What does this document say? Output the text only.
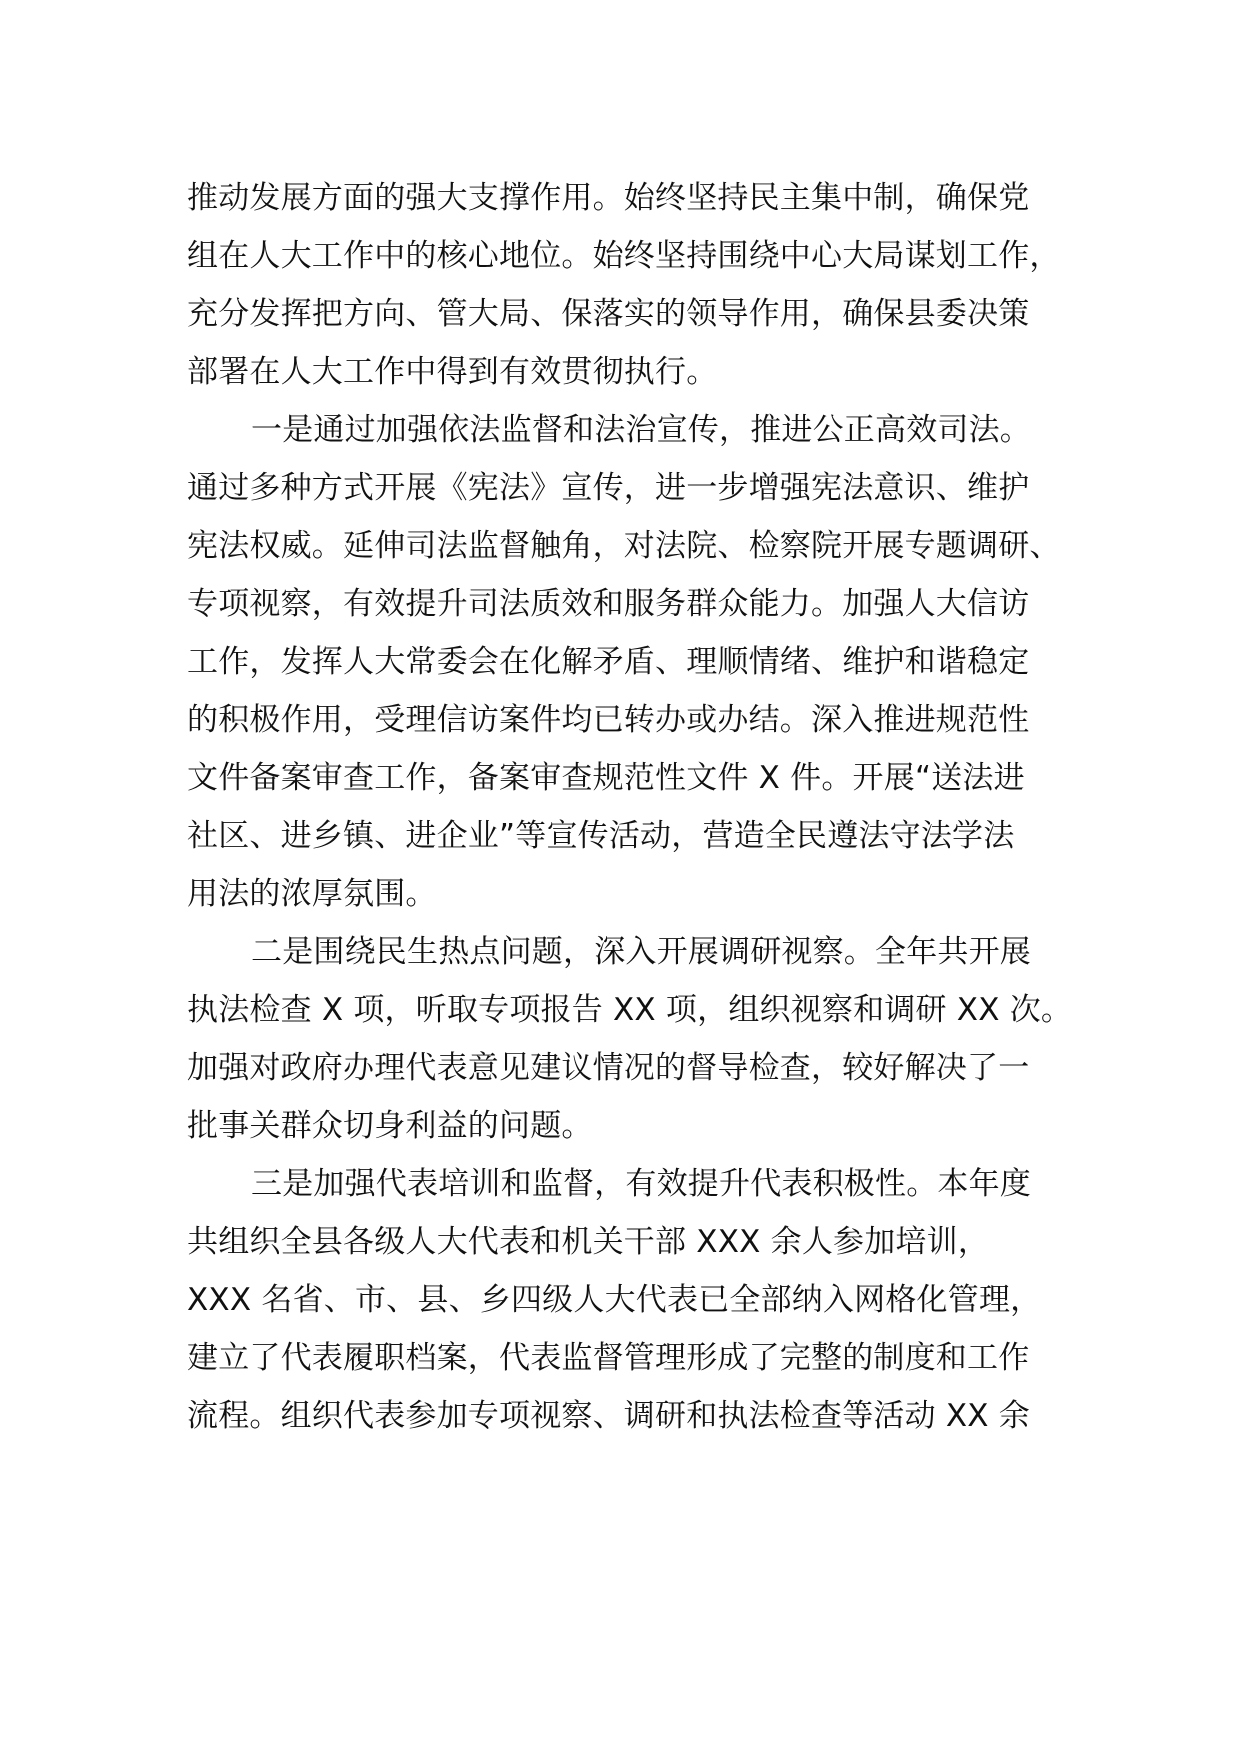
推动发展方面的强大支撑作用。始终坚持民主集中制，确保党
组在人大工作中的核心地位。始终坚持围绕中心大局谋划工作，
充分发挥把方向、管大局、保落实的领导作用，确保县委决策
部署在人大工作中得到有效贯彻执行。
一是通过加强依法监督和法治宣传，推进公正高效司法。
通过多种方式开展《宪法》宣传，进一步增强宪法意识、维护
宪法权威。延伸司法监督触角，对法院、检察院开展专题调研、
专项视察，有效提升司法质效和服务群众能力。加强人大信访
工作，发挥人大常委会在化解矛盾、理顺情绪、维护和谐稳定
的积极作用，受理信访案件均已转办或办结。深入推进规范性
文件备案审查工作，备案审查规范性文件 X 件。开展“送法进
社区、进乡镇、进企业”等宣传活动，营造全民遵法守法学法
用法的浓厚氛围。
二是围绕民生热点问题，深入开展调研视察。全年共开展
执法检查 X 项，听取专项报告 XX 项，组织视察和调研 XX 次。
加强对政府办理代表意见建议情况的督导检查，较好解决了一
批事关群众切身利益的问题。
三是加强代表培训和监督，有效提升代表积极性。本年度
共组织全县各级人大代表和机关干部 XXX 余人参加培训，
XXX 名省、市、县、乡四级人大代表已全部纳入网格化管理，
建立了代表履职档案，代表监督管理形成了完整的制度和工作
流程。组织代表参加专项视察、调研和执法检查等活动 XX 余
